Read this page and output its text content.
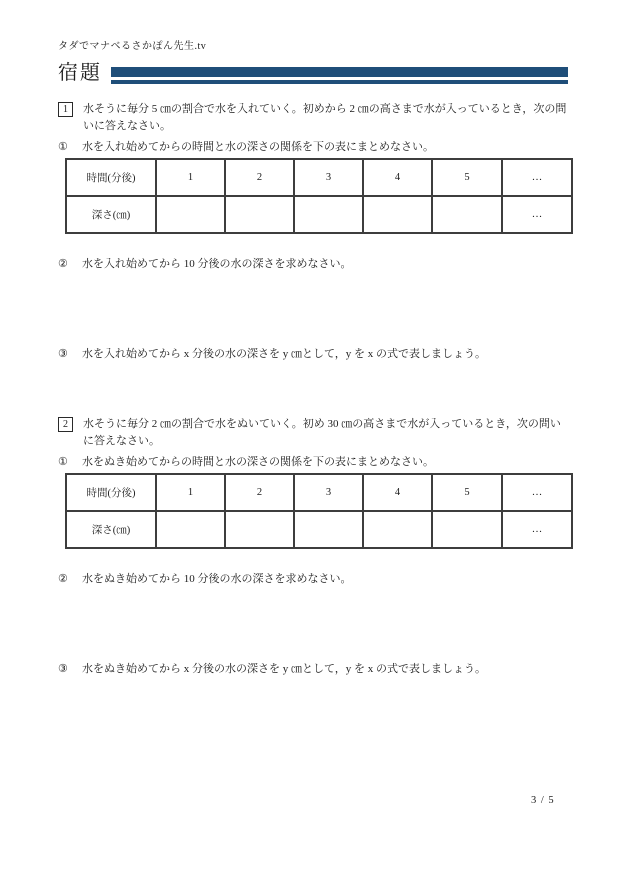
タダでマナベるさかぽん先生.tv
宿題
1	水そうに毎分 5 ㎝の割合で水を入れていく。初めから 2 ㎝の高さまで水が入っているとき，次の問いに答えなさい。
①	水を入れ始めてからの時間と水の深さの関係を下の表にまとめなさい。
時間(分後)	1	2	3	4	5	…
深さ(㎝)						…
②	水を入れ始めてから 10 分後の水の深さを求めなさい。
③	水を入れ始めてから x 分後の水の深さを y ㎝として，y を x の式で表しましょう。
2	水そうに毎分 2 ㎝の割合で水をぬいていく。初め 30 ㎝の高さまで水が入っているとき，次の問いに答えなさい。
①	水をぬき始めてからの時間と水の深さの関係を下の表にまとめなさい。
時間(分後)	1	2	3	4	5	…
深さ(㎝)						…
②	水をぬき始めてから 10 分後の水の深さを求めなさい。
③	水をぬき始めてから x 分後の水の深さを y ㎝として，y を x の式で表しましょう。
3 / 5
